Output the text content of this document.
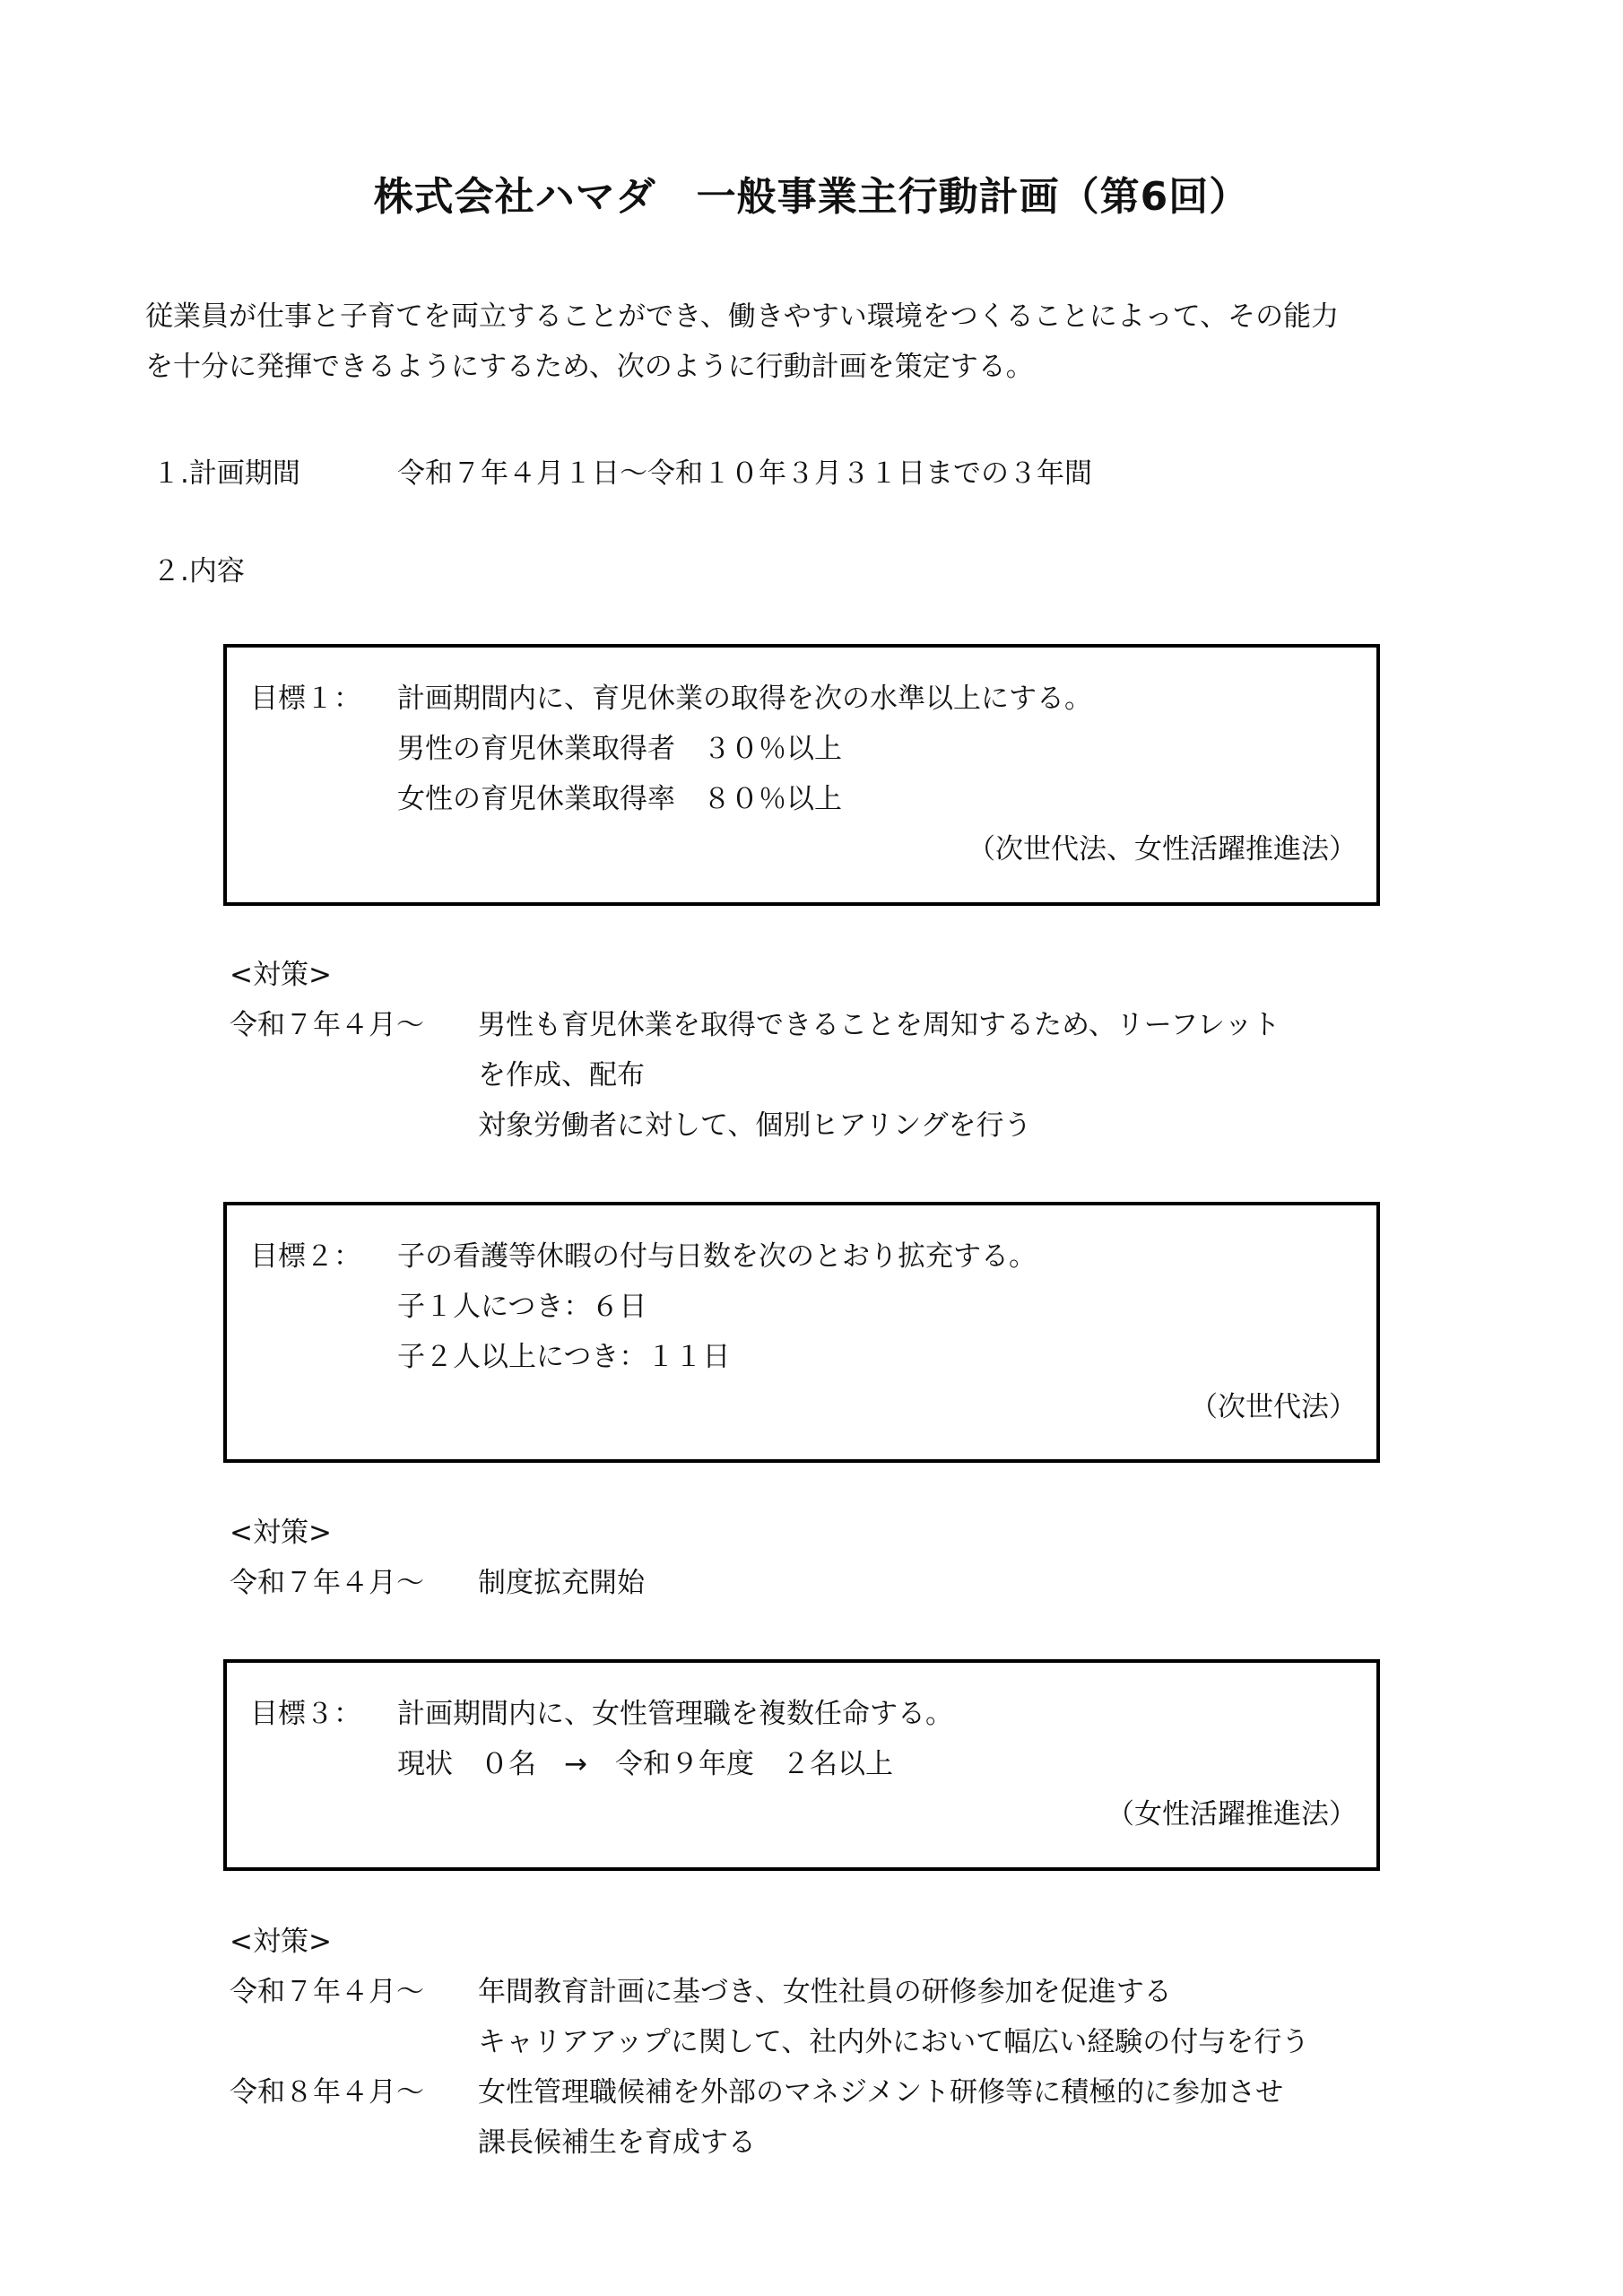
株式会社ハマダ　一般事業主行動計画（第6回）
従業員が仕事と子育てを両立することができ、働きやすい環境をつくることによって、その能力
を十分に発揮できるようにするため、次のように行動計画を策定する。
１.計画期間	令和７年４月１日～令和１０年３月３１日までの３年間
２.内容
目標１： 計画期間内に、育児休業の取得を次の水準以上にする。
男性の育児休業取得者　３０％以上
女性の育児休業取得率　８０％以上
（次世代法、女性活躍推進法）
<対策>
令和７年４月～ 男性も育児休業を取得できることを周知するため、リーフレット
を作成、配布
対象労働者に対して、個別ヒアリングを行う
目標２： 子の看護等休暇の付与日数を次のとおり拡充する。
子１人につき：６日
子２人以上につき：１１日
（次世代法）
<対策>
令和７年４月～ 制度拡充開始
目標３： 計画期間内に、女性管理職を複数任命する。
現状　０名　→　令和９年度　２名以上
（女性活躍推進法）
<対策>
令和７年４月～ 年間教育計画に基づき、女性社員の研修参加を促進する
キャリアアップに関して、社内外において幅広い経験の付与を行う
令和８年４月～ 女性管理職候補を外部のマネジメント研修等に積極的に参加させ
課長候補生を育成する
